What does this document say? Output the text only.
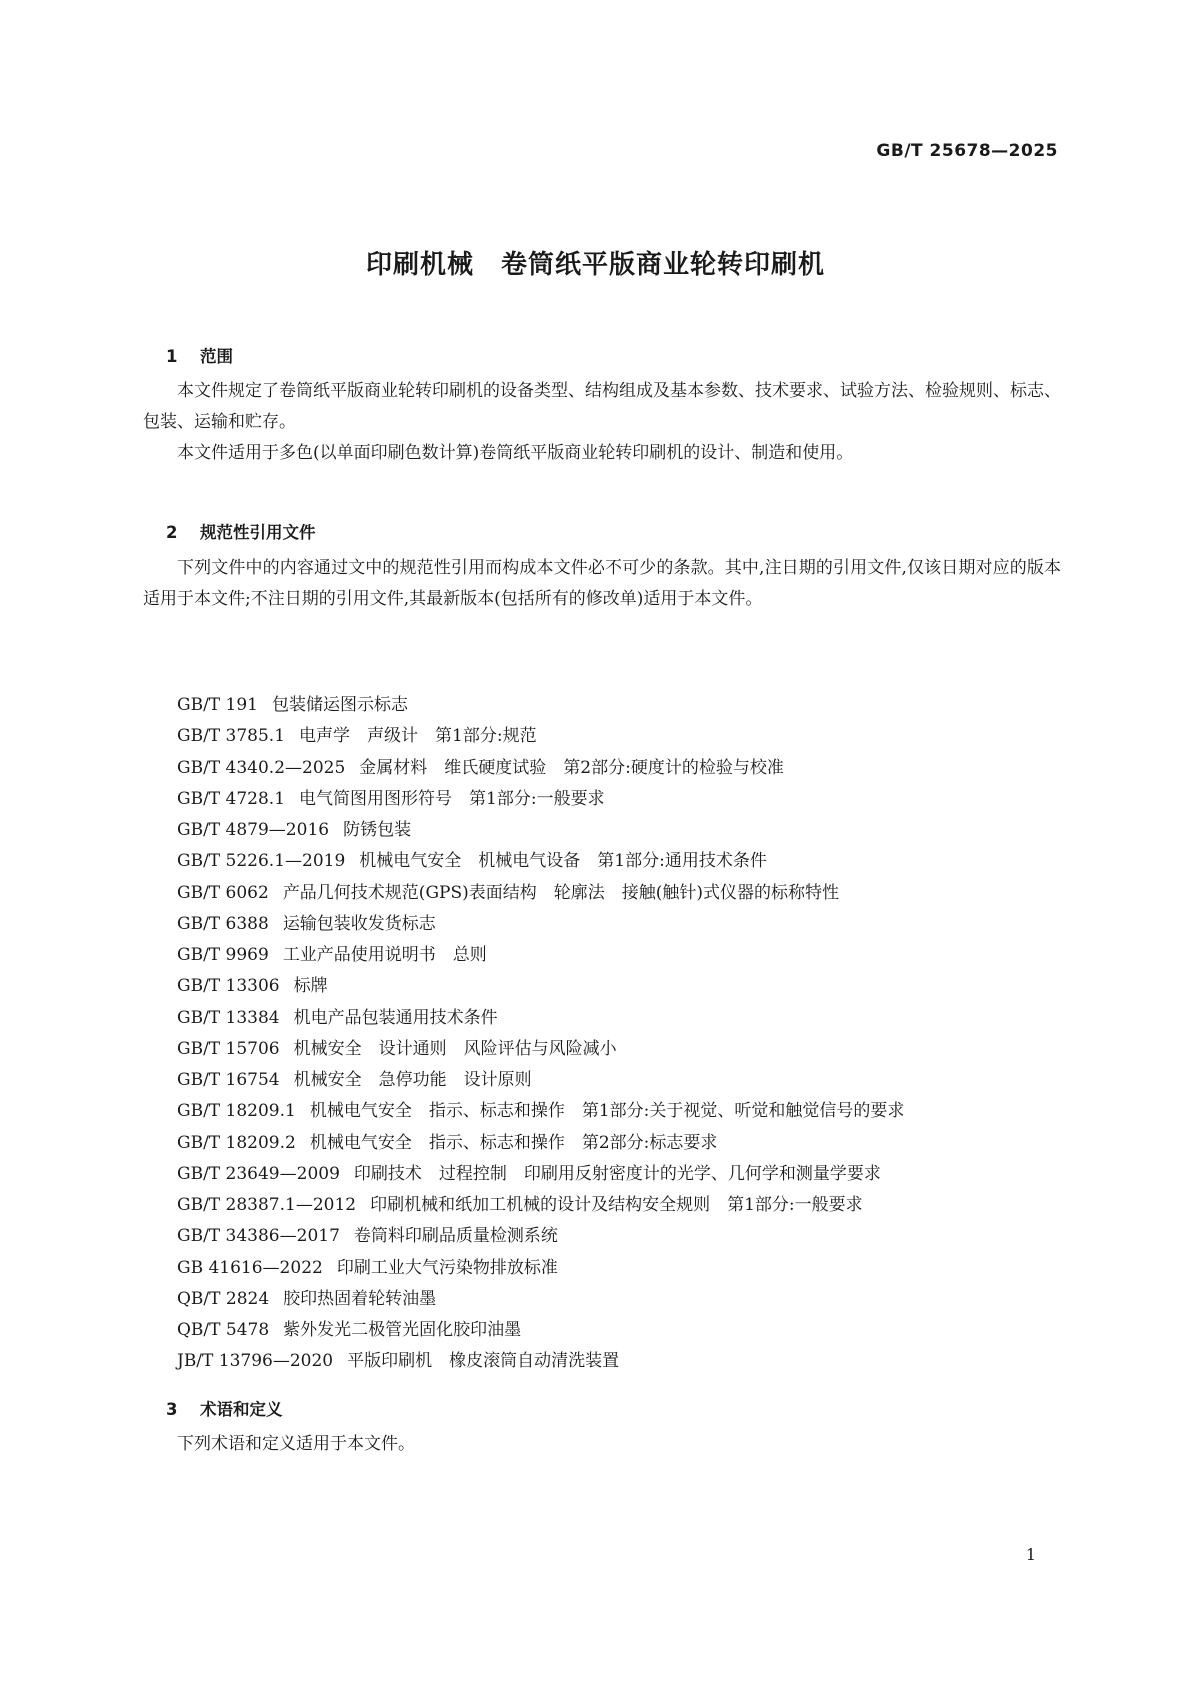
GB/T 25678—2025
印刷机械　卷筒纸平版商业轮转印刷机

1 范围

本文件规定了卷筒纸平版商业轮转印刷机的设备类型、结构组成及基本参数、技术要求、试验方法、检验规则、标志、包装、运输和贮存。

本文件适用于多色(以单面印刷色数计算)卷筒纸平版商业轮转印刷机的设计、制造和使用。

2 规范性引用文件

下列文件中的内容通过文中的规范性引用而构成本文件必不可少的条款。其中,注日期的引用文件,仅该日期对应的版本适用于本文件;不注日期的引用文件,其最新版本(包括所有的修改单)适用于本文件。

GB/T 191 包装储运图示标志
GB/T 3785.1 电声学　声级计　第1部分:规范
GB/T 4340.2—2025 金属材料　维氏硬度试验　第2部分:硬度计的检验与校准
GB/T 4728.1 电气简图用图形符号　第1部分:一般要求
GB/T 4879—2016 防锈包装
GB/T 5226.1—2019 机械电气安全　机械电气设备　第1部分:通用技术条件
GB/T 6062 产品几何技术规范(GPS)表面结构　轮廓法　接触(触针)式仪器的标称特性
GB/T 6388 运输包装收发货标志
GB/T 9969 工业产品使用说明书　总则
GB/T 13306 标牌
GB/T 13384 机电产品包装通用技术条件
GB/T 15706 机械安全　设计通则　风险评估与风险减小
GB/T 16754 机械安全　急停功能　设计原则
GB/T 18209.1 机械电气安全　指示、标志和操作　第1部分:关于视觉、听觉和触觉信号的要求
GB/T 18209.2 机械电气安全　指示、标志和操作　第2部分:标志要求
GB/T 23649—2009 印刷技术　过程控制　印刷用反射密度计的光学、几何学和测量学要求
GB/T 28387.1—2012 印刷机械和纸加工机械的设计及结构安全规则　第1部分:一般要求
GB/T 34386—2017 卷筒料印刷品质量检测系统
GB 41616—2022 印刷工业大气污染物排放标准
QB/T 2824 胶印热固着轮转油墨
QB/T 5478 紫外发光二极管光固化胶印油墨
JB/T 13796—2020 平版印刷机　橡皮滚筒自动清洗装置

3 术语和定义

下列术语和定义适用于本文件。

1
